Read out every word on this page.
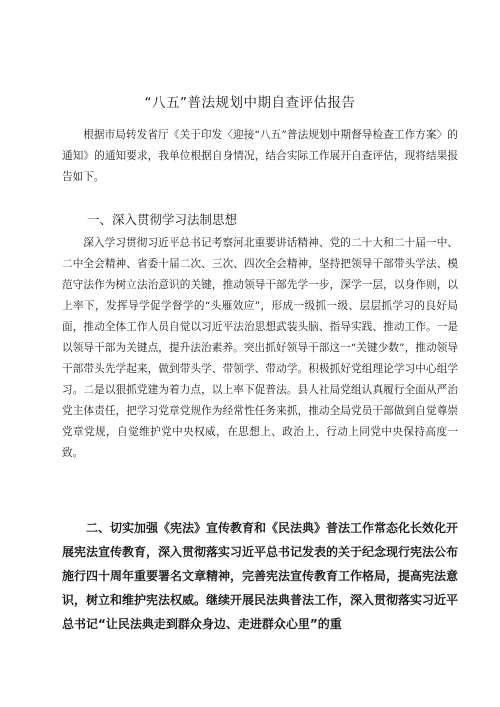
“八五”普法规划中期自查评估报告

根据市局转发省厅《关于印发〈迎接“八五”普法规划中期督导检查工作方案〉的通知》的通知要求，我单位根据自身情况，结合实际工作展开自查评估，现将结果报告如下。

一、深入贯彻学习法制思想

深入学习贯彻习近平总书记考察河北重要讲话精神、党的二十大和二十届一中、二中全会精神、省委十届二次、三次、四次全会精神，坚持把领导干部带头学法、模范守法作为树立法治意识的关键，推动领导干部先学一步，深学一层，以身作则，以上率下，发挥导学促学督学的“头雁效应”，形成一级抓一级、层层抓学习的良好局面，推动全体工作人员自觉以习近平法治思想武装头脑、指导实践、推动工作。一是以领导干部为关键点，提升法治素养。突出抓好领导干部这一“关键少数”，推动领导干部带头先学起来，做到带头学、带领学、带动学。积极抓好党组理论学习中心组学习。二是以狠抓党建为着力点，以上率下促普法。县人社局党组认真履行全面从严治党主体责任，把学习党章党规作为经常性任务来抓，推动全局党员干部做到自觉尊崇党章党规，自觉维护党中央权威，在思想上、政治上、行动上同党中央保持高度一致。

二、切实加强《宪法》宣传教育和《民法典》普法工作常态化长效化开展宪法宣传教育，深入贯彻落实习近平总书记发表的关于纪念现行宪法公布施行四十周年重要署名文章精神，完善宪法宣传教育工作格局，提高宪法意识，树立和维护宪法权威。继续开展民法典普法工作，深入贯彻落实习近平总书记“让民法典走到群众身边、走进群众心里”的重
